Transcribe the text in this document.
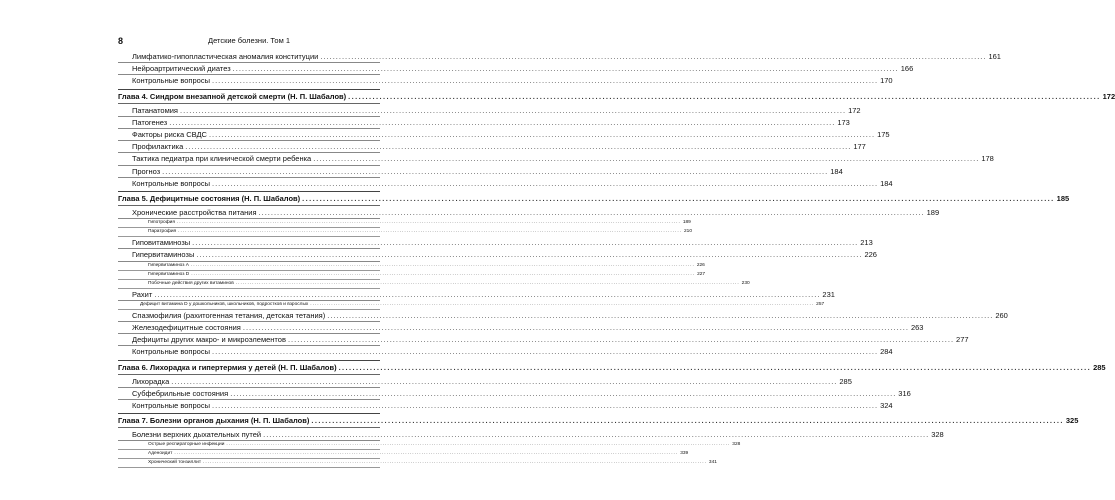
8	Детские болезни. Том 1
Лимфатико-гипопластическая аномалия конституции .....	161
Нейроартритический диатез .....	166
Контрольные вопросы .....	170
Глава 4. Синдром внезапной детской смерти (Н. П. Шабалов) .....	172
Патанатомия .....	172
Патогенез .....	173
Факторы риска СВДС .....	175
Профилактика .....	177
Тактика педиатра при клинической смерти ребенка .....	178
Прогноз .....	184
Контрольные вопросы .....	184
Глава 5. Дефицитные состояния (Н. П. Шабалов) .....	185
Хронические расстройства питания .....	189
Гипотрофия .....	189
Паратрофия .....	210
Гиповитаминозы .....	213
Гипервитаминозы .....	226
Гипервитаминоз A .....	226
Гипервитаминоз D .....	227
Побочные действия других витаминов .....	230
Рахит .....	231
Дефицит витамина D у дошкольников, школьников, подростков и взрослых .....	257
Спазмофилия (рахитогенная тетания, детская тетания) .....	260
Железодефицитные состояния .....	263
Дефициты других макро- и микроэлементов .....	277
Контрольные вопросы .....	284
Глава 6. Лихорадка и гипертермия у детей (Н. П. Шабалов) .....	285
Лихорадка .....	285
Субфебрильные состояния .....	316
Контрольные вопросы .....	324
Глава 7. Болезни органов дыхания (Н. П. Шабалов) .....	325
Болезни верхних дыхательных путей .....	328
Острые респираторные инфекции .....	328
Аденоидит .....	339
Хронический тонзиллит .....	341
